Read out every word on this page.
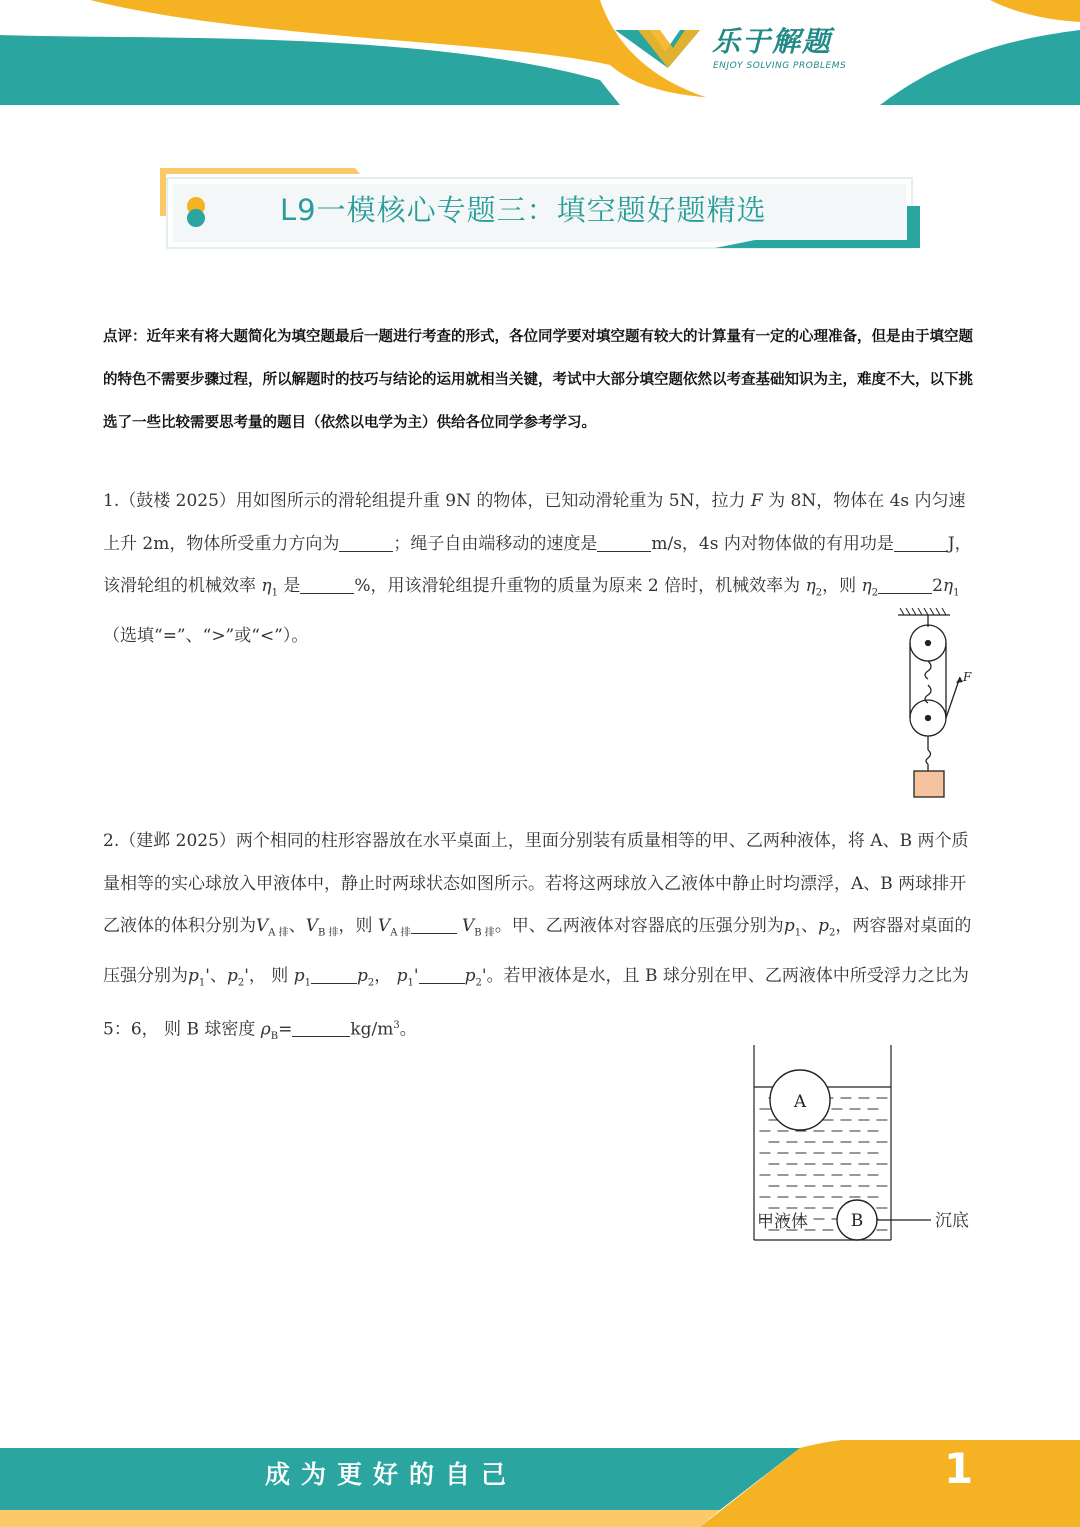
乐于解题
ENJOY SOLVING PROBLEMS
L9一模核心专题三：填空题好题精选
点评：近年来有将大题简化为填空题最后一题进行考查的形式，各位同学要对填空题有较大的计算量有一定的心理准备，但是由于填空题的特色不需要步骤过程，所以解题时的技巧与结论的运用就相当关键，考试中大部分填空题依然以考查基础知识为主，难度不大，以下挑选了一些比较需要思考量的题目（依然以电学为主）供给各位同学参考学习。
1.（鼓楼 2025）用如图所示的滑轮组提升重 9N 的物体，已知动滑轮重为 5N，拉力 F 为 8N，物体在 4s 内匀速上升 2m，物体所受重力方向为	；绳子自由端移动的速度是	m/s，4s 内对物体做的有用功是	J，该滑轮组的机械效率 $\eta_1$ 是	%，用该滑轮组提升重物的质量为原来 2 倍时，机械效率为 $\eta_2$，则 $\eta_2$	$2\eta_1$（选填“=”、“>”或“<”）。
F
2.（建邺 2025）两个相同的柱形容器放在水平桌面上，里面分别装有质量相等的甲、乙两种液体，将 A、B 两个质量相等的实心球放入甲液体中，静止时两球状态如图所示。若将这两球放入乙液体中静止时均漂浮，A、B 两球排开乙液体的体积分别为$V_{A 排}$、$V_{B 排}$，则 $V_{A 排}$	$V_{B 排}$。甲、乙两液体对容器底的压强分别为$p_1$、$p_2$，两容器对桌面的压强分别为$p_1'$、$p_2'$， 则 $p_1$	$p_2$， $p_1'$	$p_2'$。若甲液体是水，且 B 球分别在甲、乙两液体中所受浮力之比为 5：6， 则 B 球密度 $\rho_B=$	$kg/m^3$。
A
B
甲液体	沉底
成为更好的自己	1
